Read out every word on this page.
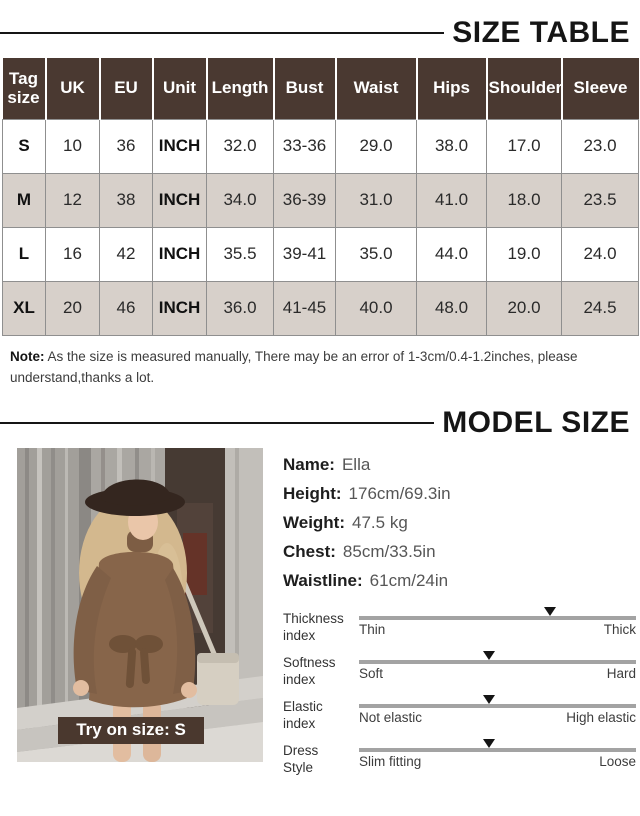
SIZE TABLE
Tag size	UK	EU	Unit	Length	Bust	Waist	Hips	Shoulder	Sleeve
S	10	36	INCH	32.0	33-36	29.0	38.0	17.0	23.0
M	12	38	INCH	34.0	36-39	31.0	41.0	18.0	23.5
L	16	42	INCH	35.5	39-41	35.0	44.0	19.0	24.0
XL	20	46	INCH	36.0	41-45	40.0	48.0	20.0	24.5

Note: As the size is measured manually, There may be an error of 1-3cm/0.4-1.2inches, please understand,thanks a lot.

MODEL SIZE
Try on size: S
Name: Ella
Height: 176cm/69.3in
Weight: 47.5 kg
Chest: 85cm/33.5in
Waistline: 61cm/24in
Thickness
index	Thin	Thick
Softness
index	Soft	Hard
Elastic
index	Not elastic	High elastic
Dress
Style	Slim fitting	Loose
